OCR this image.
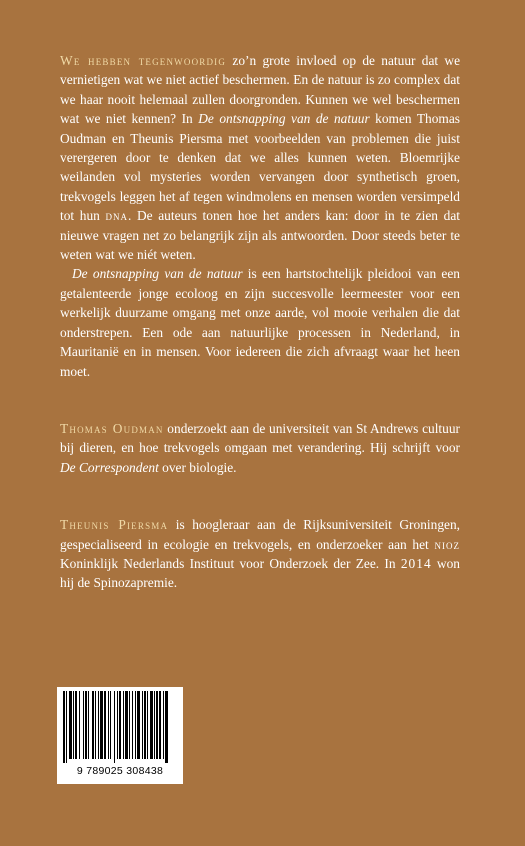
We hebben tegenwoordig zo’n grote invloed op de natuur dat we vernietigen wat we niet actief beschermen. En de natuur is zo complex dat we haar nooit helemaal zullen doorgronden. Kunnen we wel beschermen wat we niet kennen? In De ontsnapping van de natuur komen Thomas Oudman en Theunis Piersma met voorbeelden van problemen die juist verergeren door te denken dat we alles kunnen weten. Bloemrijke weilanden vol mysteries worden vervangen door synthetisch groen, trekvogels leggen het af tegen windmolens en mensen worden versimpeld tot hun dna. De auteurs tonen hoe het anders kan: door in te zien dat nieuwe vragen net zo belangrijk zijn als antwoorden. Door steeds beter te weten wat we niét weten.

De ontsnapping van de natuur is een hartstochtelijk pleidooi van een getalenteerde jonge ecoloog en zijn succesvolle leermeester voor een werkelijk duurzame omgang met onze aarde, vol mooie verhalen die dat onderstrepen. Een ode aan natuurlijke processen in Nederland, in Mauritanië en in mensen. Voor iedereen die zich afvraagt waar het heen moet.

Thomas Oudman onderzoekt aan de universiteit van St Andrews cultuur bij dieren, en hoe trekvogels omgaan met verandering. Hij schrijft voor De Correspondent over biologie.

Theunis Piersma is hoogleraar aan de Rijksuniversiteit Groningen, gespecialiseerd in ecologie en trekvogels, en onderzoeker aan het nioz Koninklijk Nederlands Instituut voor Onderzoek der Zee. In 2014 won hij de Spinozapremie.

9 789025 308438
